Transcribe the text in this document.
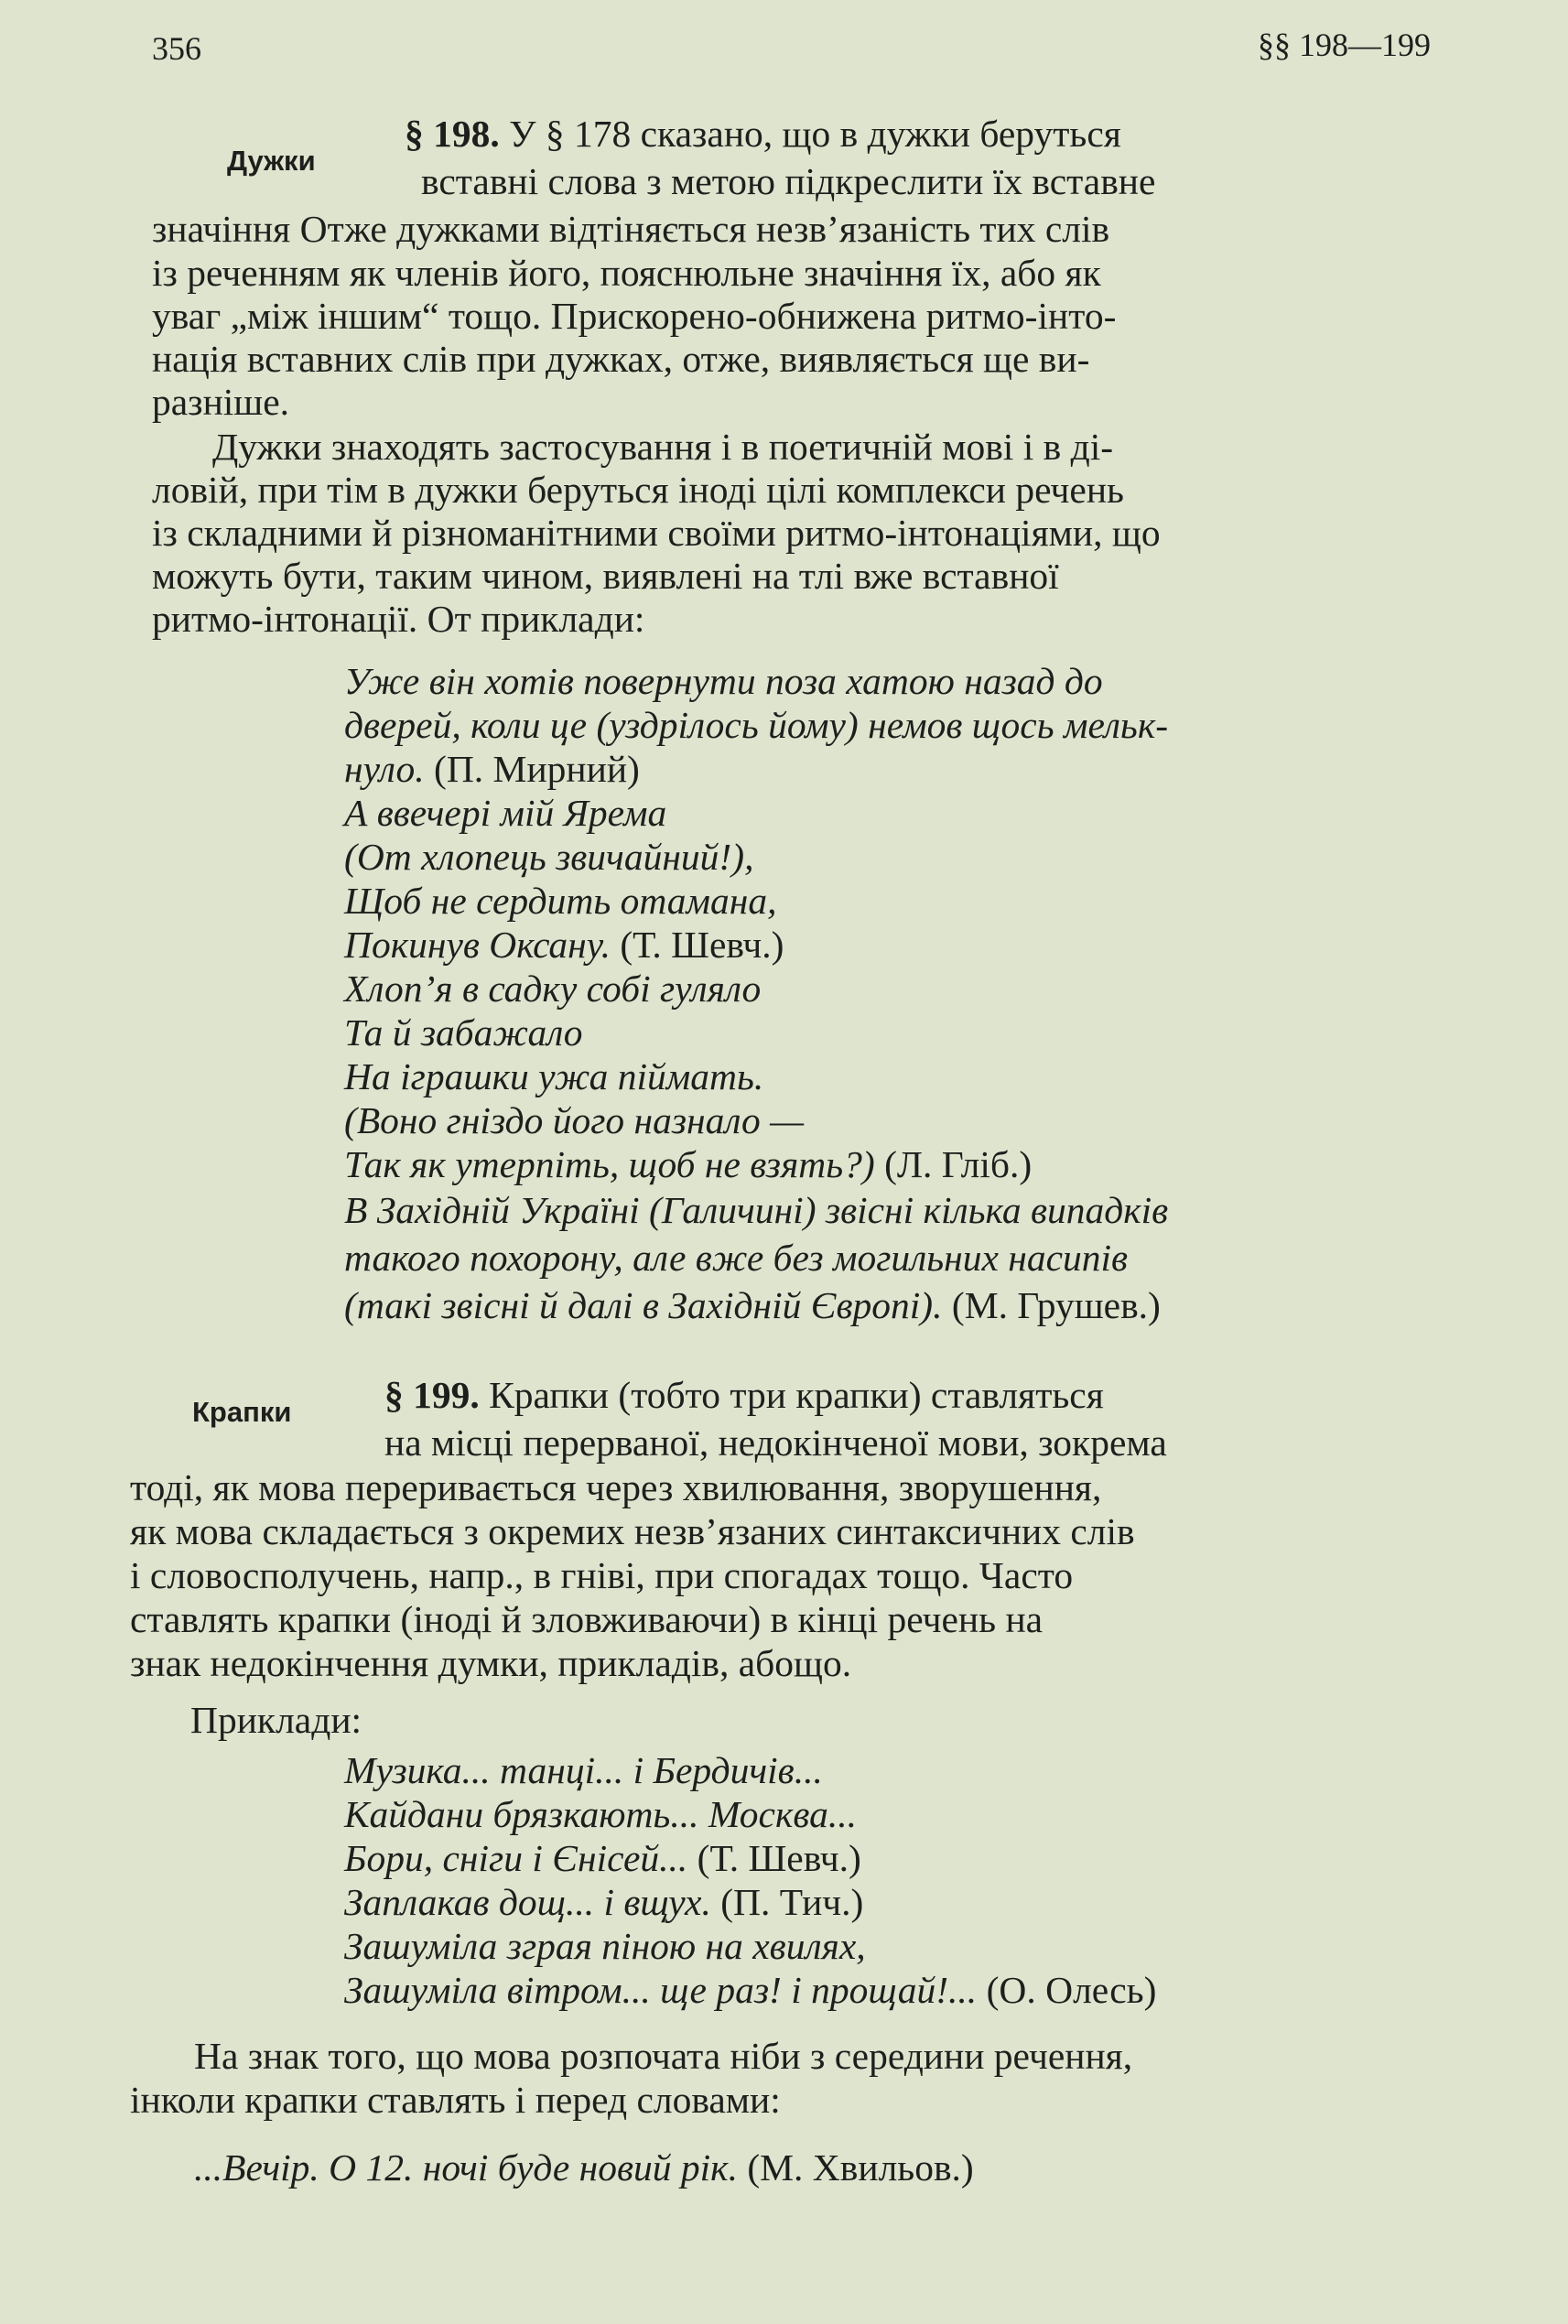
356	§§ 198—199
Дужки
§ 198. У § 178 сказано, що в дужки беруться
вставні слова з метою підкреслити їх вставне
значіння Отже дужками відтіняється незв’язаність тих слів
із реченням як членів його, пояснюльне значіння їх, або як
уваг „між іншим“ тощо. Прискорено-обнижена ритмо-інто-
нація вставних слів при дужках, отже, виявляється ще ви-
разніше.
Дужки знаходять застосування і в поетичній мові і в ді-
ловій, при тім в дужки беруться іноді цілі комплекси речень
із складними й різноманітними своїми ритмо-інтонаціями, що
можуть бути, таким чином, виявлені на тлі вже вставної
ритмо-інтонації. От приклади:
Уже він хотів повернути поза хатою назад до
дверей, коли це (уздрілось йому) немов щось мельк-
нуло. (П. Мирний)
А ввечері мій Ярема
(От хлопець звичайний!),
Щоб не сердить отамана,
Покинув Оксану. (Т. Шевч.)
Хлоп’я в садку собі гуляло
Та й забажало
На іграшки ужа піймать.
(Воно гніздо його назнало —
Так як утерпіть, щоб не взять?) (Л. Гліб.)
В Західній Україні (Галичині) звісні кілька випадків
такого похорону, але вже без могильних насипів
(такі звісні й далі в Західній Європі). (М. Грушев.)
Крапки § 199. Крапки (тобто три крапки) ставляться
на місці перерваної, недокінченої мови, зокрема
тоді, як мова переривається через хвилювання, зворушення,
як мова складається з окремих незв’язаних синтаксичних слів
і словосполучень, напр., в гніві, при спогадах тощо. Часто
ставлять крапки (іноді й зловживаючи) в кінці речень на
знак недокінчення думки, прикладів, абощо.
Приклади:
Музика... танці... і Бердичів...
Кайдани брязкають... Москва...
Бори, сніги і Єнісей... (Т. Шевч.)
Заплакав дощ... і вщух. (П. Тич.)
Зашуміла зграя піною на хвилях,
Зашуміла вітром... ще раз! і прощай!... (О. Олесь)
На знак того, що мова розпочата ніби з середини речення,
інколи крапки ставлять і перед словами:
...Вечір. О 12. ночі буде новий рік. (М. Хвильов.)
